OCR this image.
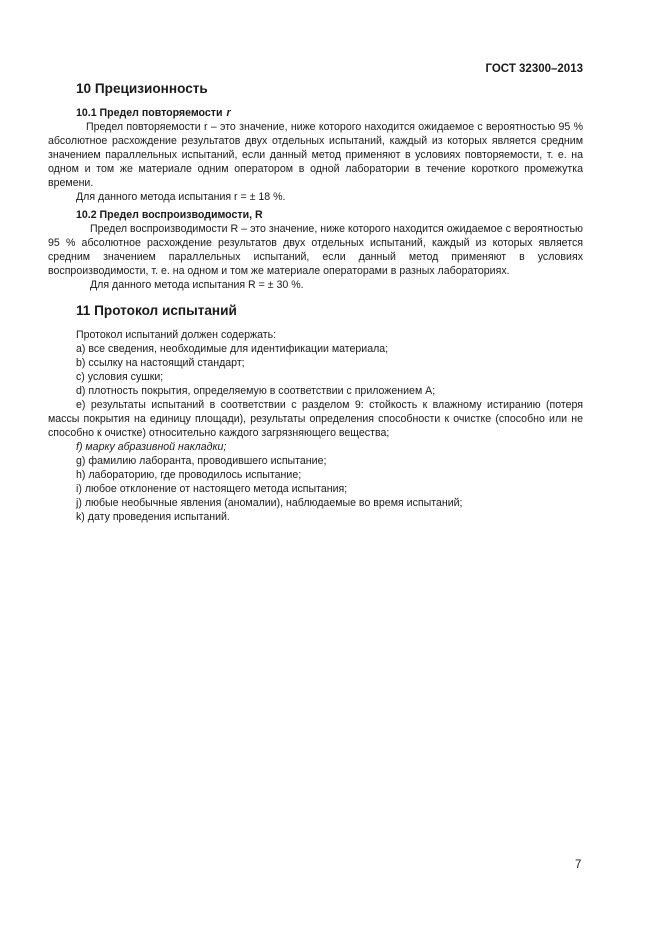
ГОСТ 32300–2013
10 Прецизионность
10.1 Предел повторяемости r

Предел повторяемости r – это значение, ниже которого находится ожидаемое с вероятностью 95 % абсолютное расхождение результатов двух отдельных испытаний, каждый из которых является средним значением параллельных испытаний, если данный метод применяют в условиях повторяемости, т. е. на одном и том же материале одним оператором в одной лаборатории в течение короткого промежутка времени.

Для данного метода испытания r = ± 18 %.

10.2 Предел воспроизводимости, R

Предел воспроизводимости R – это значение, ниже которого находится ожидаемое с вероятностью 95 % абсолютное расхождение результатов двух отдельных испытаний, каждый из которых является средним значением параллельных испытаний, если данный метод применяют в условиях воспроизводимости, т. е. на одном и том же материале операторами в разных лабораториях.

Для данного метода испытания R = ± 30 %.

11 Протокол испытаний

Протокол испытаний должен содержать:

a) все сведения, необходимые для идентификации материала;

b) ссылку на настоящий стандарт;

c) условия сушки;

d) плотность покрытия, определяемую в соответствии с приложением А;

e) результаты испытаний в соответствии с разделом 9: стойкость к влажному истиранию (потеря массы покрытия на единицу площади), результаты определения способности к очистке (способно или не способно к очистке) относительно каждого загрязняющего вещества;

f) марку абразивной накладки;

g) фамилию лаборанта, проводившего испытание;

h) лабораторию, где проводилось испытание;

i) любое отклонение от настоящего метода испытания;

j) любые необычные явления (аномалии), наблюдаемые во время испытаний;

k) дату проведения испытаний.

7
